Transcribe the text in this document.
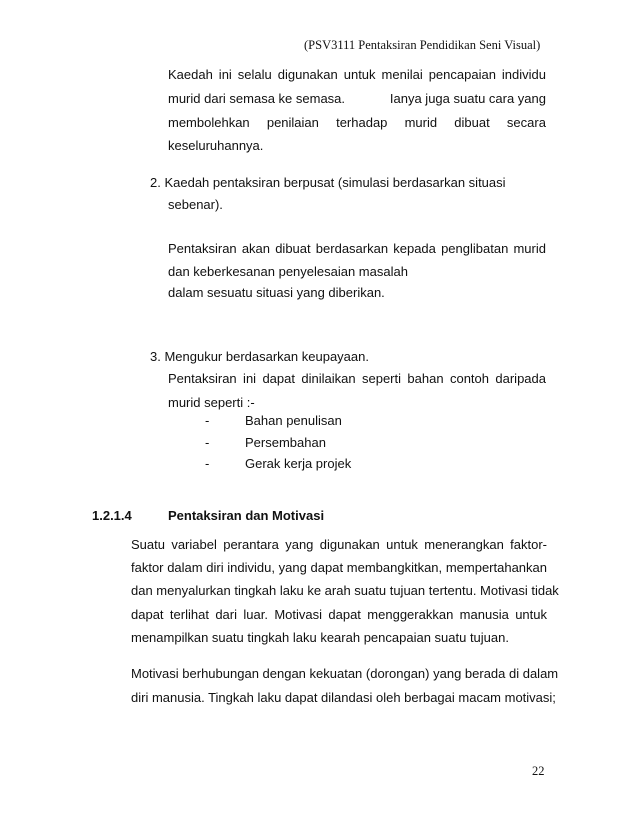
(PSV3111 Pentaksiran Pendidikan Seni Visual)
Kaedah ini selalu digunakan untuk menilai pencapaian individu
murid dari semasa ke semasa.	Ianya juga suatu cara yang
membolehkan penilaian terhadap murid dibuat secara
keseluruhannya.
2. Kaedah pentaksiran berpusat (simulasi berdasarkan situasi
sebenar).
Pentaksiran akan dibuat berdasarkan kepada penglibatan murid
dan keberkesanan penyelesaian masalah
dalam sesuatu situasi yang diberikan.
3. Mengukur berdasarkan keupayaan.
Pentaksiran ini dapat dinilaikan seperti bahan contoh daripada
murid seperti :-
-	Bahan penulisan
-	Persembahan
-	Gerak kerja projek
1.2.1.4	Pentaksiran dan Motivasi
Suatu variabel perantara yang digunakan untuk menerangkan faktor-
faktor dalam diri individu, yang dapat membangkitkan, mempertahankan
dan menyalurkan tingkah laku ke arah suatu tujuan tertentu. Motivasi tidak
dapat terlihat dari luar. Motivasi dapat menggerakkan manusia untuk
menampilkan suatu tingkah laku kearah pencapaian suatu tujuan.
Motivasi berhubungan dengan kekuatan (dorongan) yang berada di dalam
diri manusia. Tingkah laku dapat dilandasi oleh berbagai macam motivasi;
22
